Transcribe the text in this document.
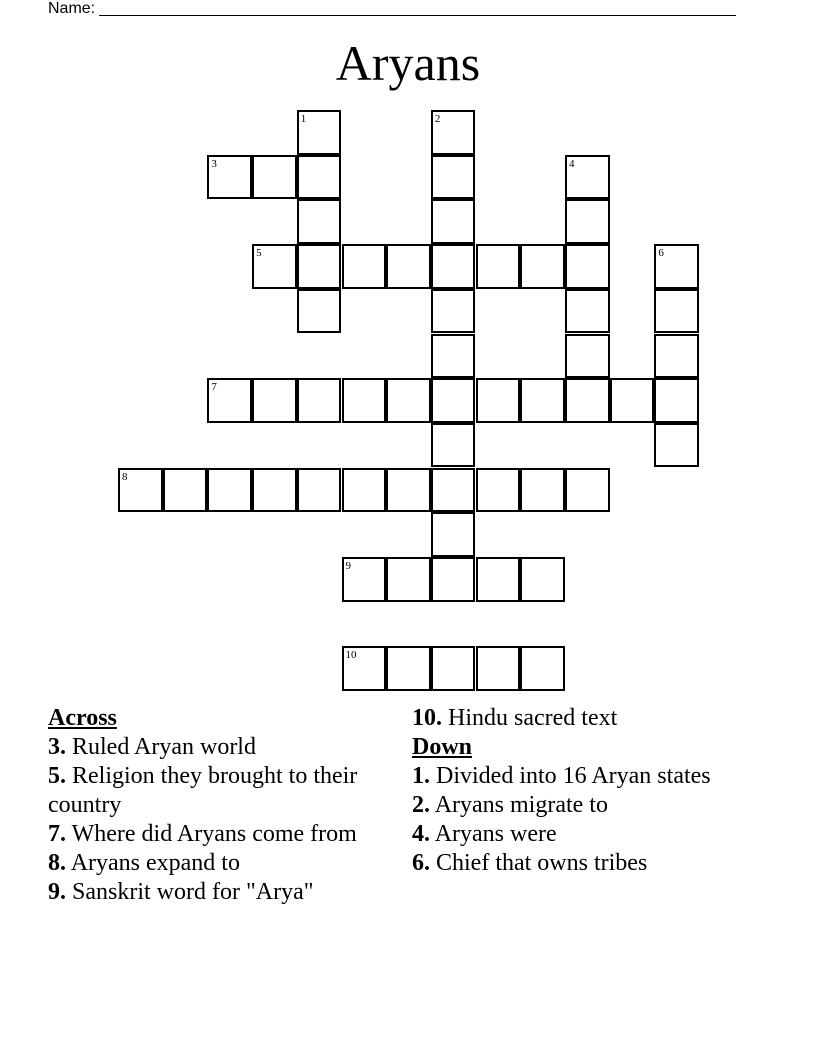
Name:
Aryans
1	2
3	4
5	6
7
8
9
10
Across
3. Ruled Aryan world
5. Religion they brought to their country
7. Where did Aryans come from
8. Aryans expand to
9. Sanskrit word for "Arya"
10. Hindu sacred text
Down
1. Divided into 16 Aryan states
2. Aryans migrate to
4. Aryans were
6. Chief that owns tribes
